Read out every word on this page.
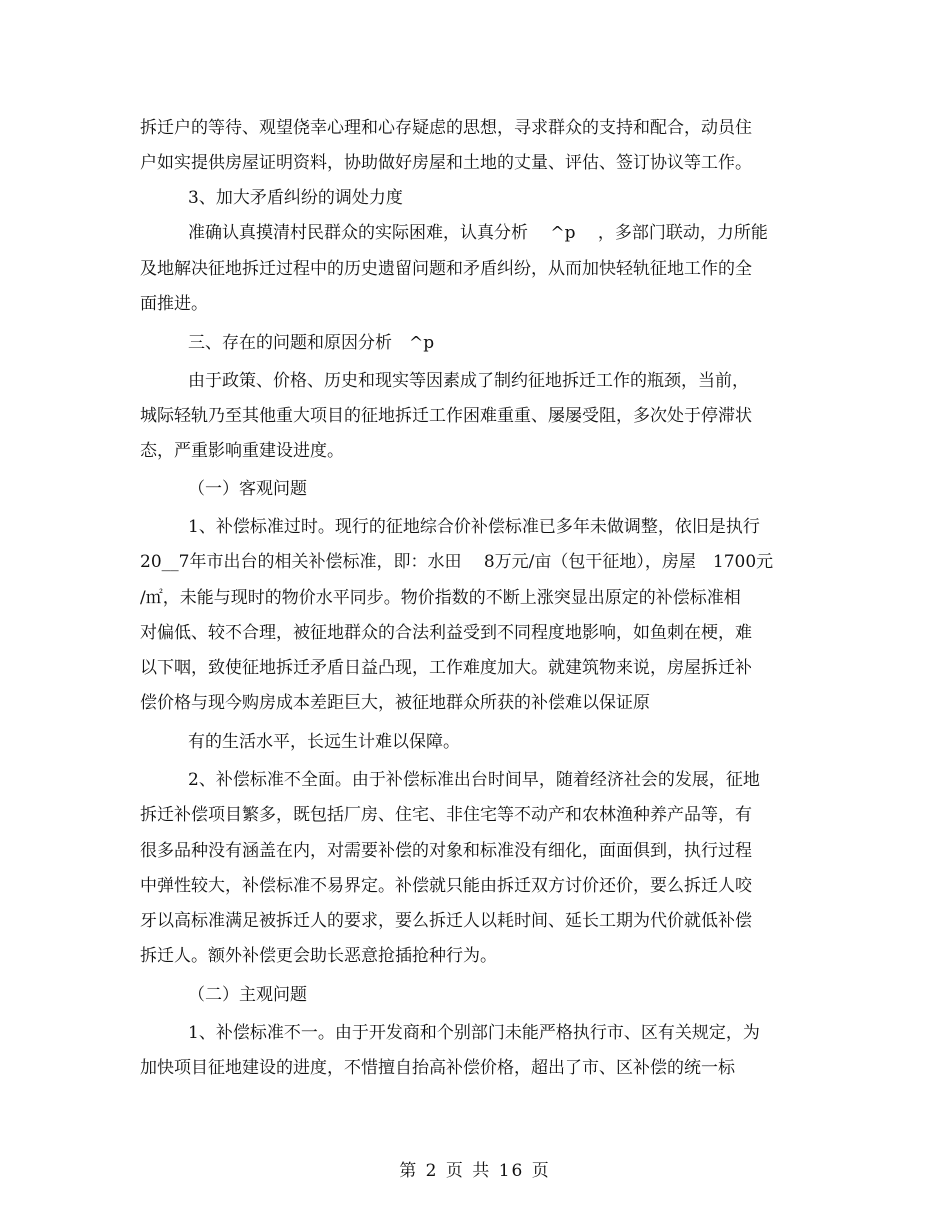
拆迁户的等待、观望侥幸心理和心存疑虑的思想，寻求群众的支持和配合，动员住
户如实提供房屋证明资料，协助做好房屋和土地的丈量、评估、签订协议等工作。
3、加大矛盾纠纷的调处力度
准确认真摸清村民群众的实际困难，认真分析　 ^p　 ，多部门联动，力所能
及地解决征地拆迁过程中的历史遗留问题和矛盾纠纷，从而加快轻轨征地工作的全
面推进。
三、存在的问题和原因分析　^p
由于政策、价格、历史和现实等因素成了制约征地拆迁工作的瓶颈，当前，
城际轻轨乃至其他重大项目的征地拆迁工作困难重重、屡屡受阻，多次处于停滞状
态，严重影响重建设进度。
（一）客观问题
1、补偿标准过时。现行的征地综合价补偿标准已多年未做调整，依旧是执行
20__7年市出台的相关补偿标准，即：水田　 8万元/亩（包干征地），房屋　1700元
/㎡，未能与现时的物价水平同步。物价指数的不断上涨突显出原定的补偿标准相
对偏低、较不合理，被征地群众的合法利益受到不同程度地影响，如鱼刺在梗，难
以下咽，致使征地拆迁矛盾日益凸现，工作难度加大。就建筑物来说，房屋拆迁补
偿价格与现今购房成本差距巨大，被征地群众所获的补偿难以保证原
有的生活水平，长远生计难以保障。
2、补偿标准不全面。由于补偿标准出台时间早，随着经济社会的发展，征地
拆迁补偿项目繁多，既包括厂房、住宅、非住宅等不动产和农林渔种养产品等，有
很多品种没有涵盖在内，对需要补偿的对象和标准没有细化，面面俱到，执行过程
中弹性较大，补偿标准不易界定。补偿就只能由拆迁双方讨价还价，要么拆迁人咬
牙以高标准满足被拆迁人的要求，要么拆迁人以耗时间、延长工期为代价就低补偿
拆迁人。额外补偿更会助长恶意抢插抢种行为。
（二）主观问题
1、补偿标准不一。由于开发商和个别部门未能严格执行市、区有关规定，为
加快项目征地建设的进度，不惜擅自抬高补偿价格，超出了市、区补偿的统一标
第 2 页 共 16 页
